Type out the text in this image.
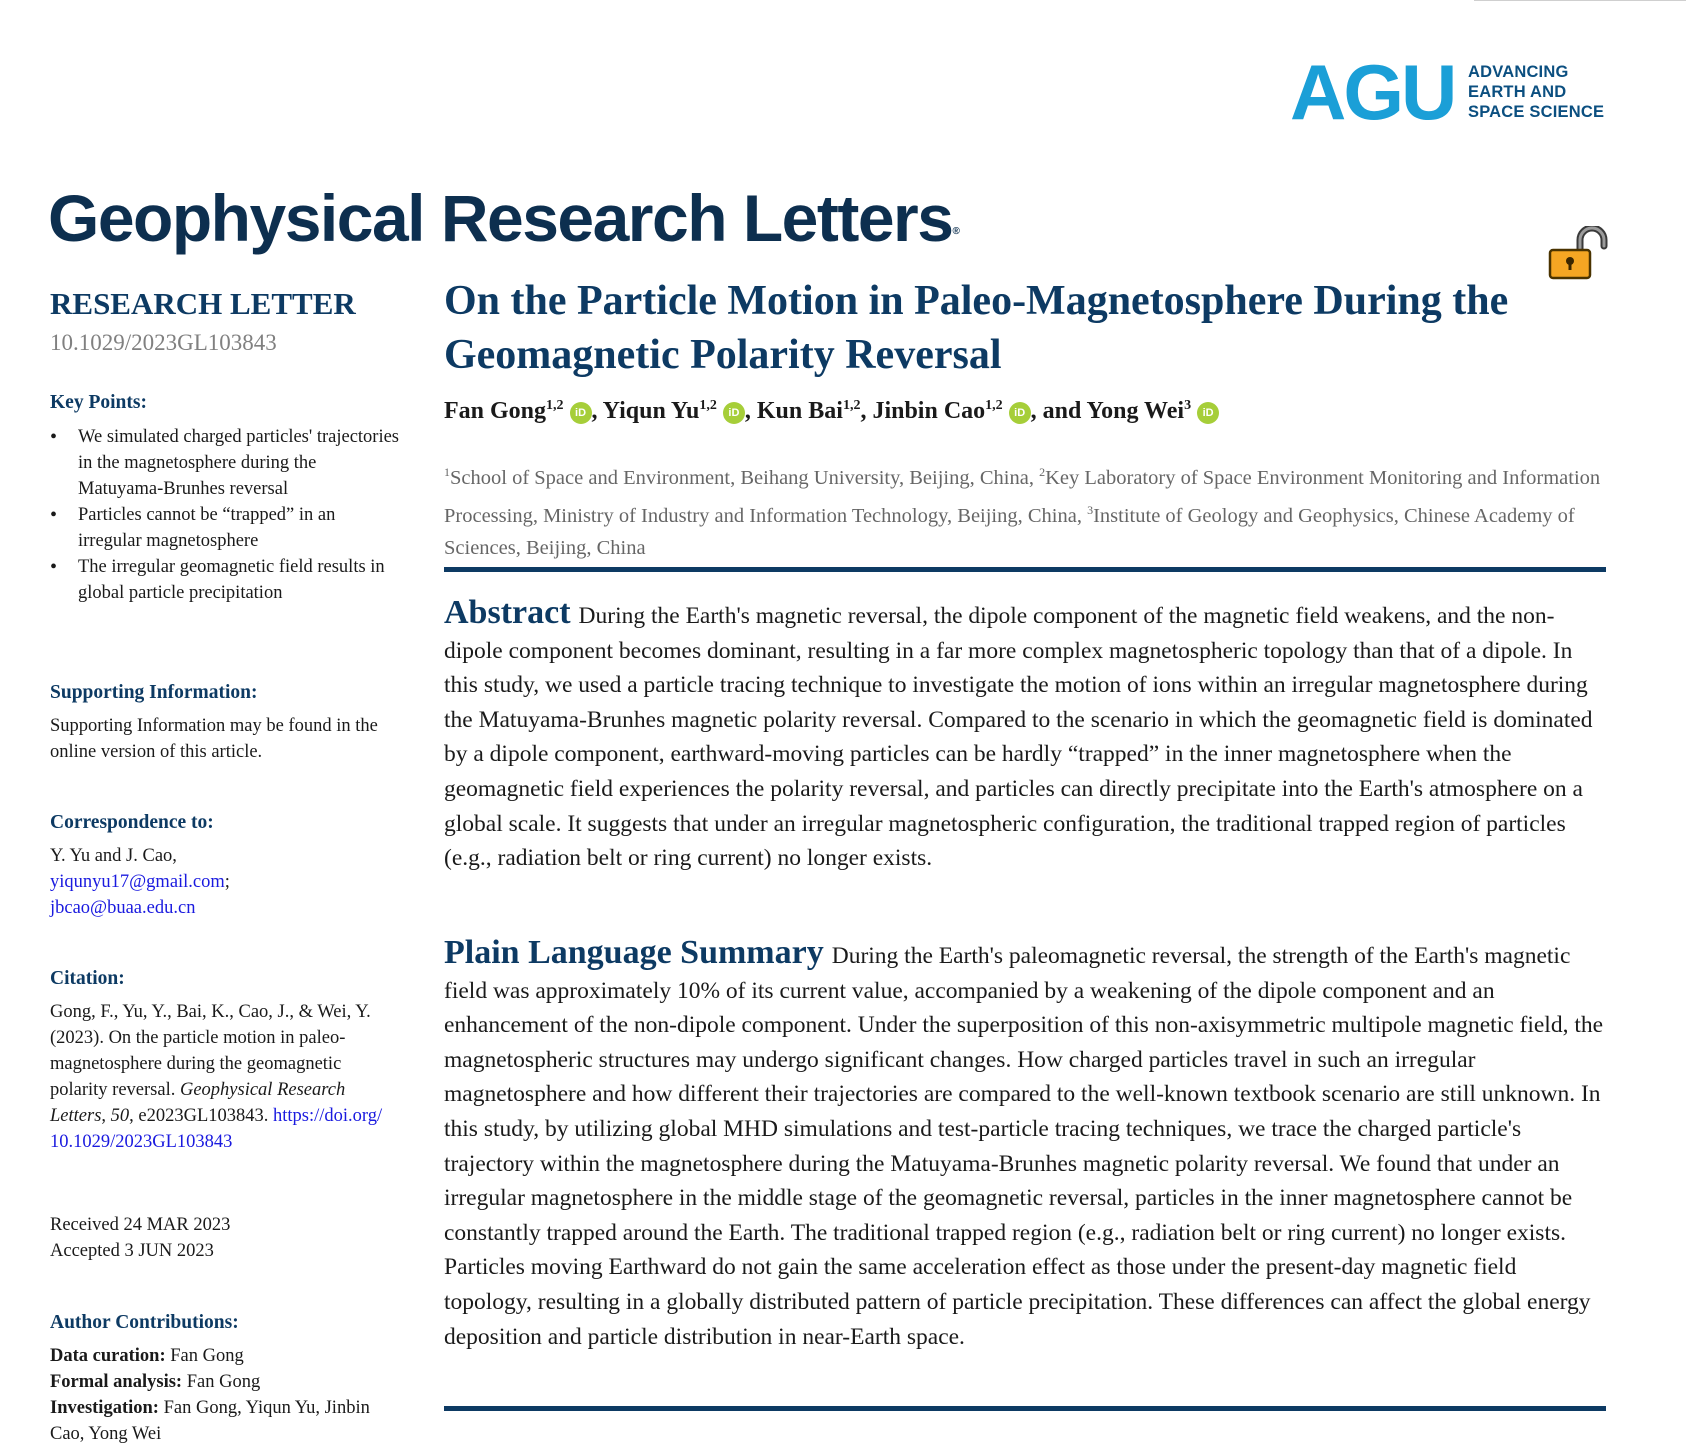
AGU ADVANCING
EARTH AND
SPACE SCIENCE
Geophysical Research Letters®
RESEARCH LETTER
10.1029/2023GL103843
Key Points:
• We simulated charged particles' trajectories in the magnetosphere during the Matuyama-Brunhes reversal
• Particles cannot be “trapped” in an irregular magnetosphere
• The irregular geomagnetic field results in global particle precipitation
Supporting Information:
Supporting Information may be found in the online version of this article.
Correspondence to:
Y. Yu and J. Cao,
yiqunyu17@gmail.com;
jbcao@buaa.edu.cn
Citation:
Gong, F., Yu, Y., Bai, K., Cao, J., & Wei, Y. (2023). On the particle motion in paleo-magnetosphere during the geomagnetic polarity reversal. Geophysical Research Letters, 50, e2023GL103843. https://doi.org/10.1029/2023GL103843
Received 24 MAR 2023
Accepted 3 JUN 2023
Author Contributions:
Data curation: Fan Gong
Formal analysis: Fan Gong
Investigation: Fan Gong, Yiqun Yu, Jinbin Cao, Yong Wei
On the Particle Motion in Paleo-Magnetosphere During the Geomagnetic Polarity Reversal
Fan Gong$^{1,2}$ iD , Yiqun Yu$^{1,2}$ iD , Kun Bai$^{1,2}$, Jinbin Cao$^{1,2}$ iD , and Yong Wei$^3$ iD
$^1$School of Space and Environment, Beihang University, Beijing, China, $^2$Key Laboratory of Space Environment Monitoring and Information Processing, Ministry of Industry and Information Technology, Beijing, China, $^3$Institute of Geology and Geophysics, Chinese Academy of Sciences, Beijing, China
Abstract During the Earth's magnetic reversal, the dipole component of the magnetic field weakens, and the non-dipole component becomes dominant, resulting in a far more complex magnetospheric topology than that of a dipole. In this study, we used a particle tracing technique to investigate the motion of ions within an irregular magnetosphere during the Matuyama-Brunhes magnetic polarity reversal. Compared to the scenario in which the geomagnetic field is dominated by a dipole component, earthward-moving particles can be hardly “trapped” in the inner magnetosphere when the geomagnetic field experiences the polarity reversal, and particles can directly precipitate into the Earth's atmosphere on a global scale. It suggests that under an irregular magnetospheric configuration, the traditional trapped region of particles (e.g., radiation belt or ring current) no longer exists.
Plain Language Summary During the Earth's paleomagnetic reversal, the strength of the Earth's magnetic field was approximately 10% of its current value, accompanied by a weakening of the dipole component and an enhancement of the non-dipole component. Under the superposition of this non-axisymmetric multipole magnetic field, the magnetospheric structures may undergo significant changes. How charged particles travel in such an irregular magnetosphere and how different their trajectories are compared to the well-known textbook scenario are still unknown. In this study, by utilizing global MHD simulations and test-particle tracing techniques, we trace the charged particle's trajectory within the magnetosphere during the Matuyama-Brunhes magnetic polarity reversal. We found that under an irregular magnetosphere in the middle stage of the geomagnetic reversal, particles in the inner magnetosphere cannot be constantly trapped around the Earth. The traditional trapped region (e.g., radiation belt or ring current) no longer exists. Particles moving Earthward do not gain the same acceleration effect as those under the present-day magnetic field topology, resulting in a globally distributed pattern of particle precipitation. These differences can affect the global energy deposition and particle distribution in near-Earth space.
